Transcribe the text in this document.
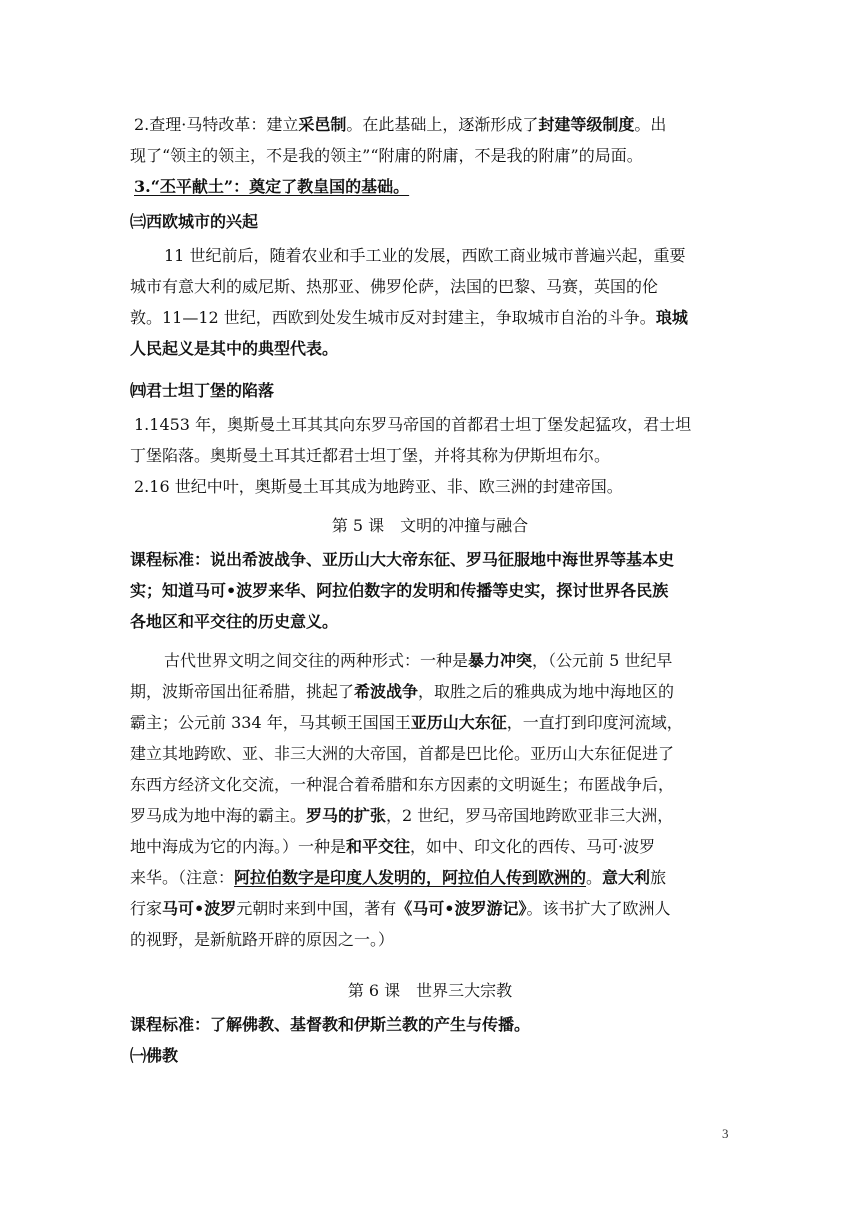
2.查理·马特改革：建立采邑制。在此基础上，逐渐形成了封建等级制度。出
现了“领主的领主，不是我的领主”“附庸的附庸，不是我的附庸”的局面。
3.“丕平献土”：奠定了教皇国的基础。
㈢西欧城市的兴起
11 世纪前后，随着农业和手工业的发展，西欧工商业城市普遍兴起，重要
城市有意大利的威尼斯、热那亚、佛罗伦萨，法国的巴黎、马赛，英国的伦
敦。11—12 世纪，西欧到处发生城市反对封建主，争取城市自治的斗争。琅城
人民起义是其中的典型代表。
㈣君士坦丁堡的陷落
1.1453 年，奥斯曼土耳其其向东罗马帝国的首都君士坦丁堡发起猛攻，君士坦
丁堡陷落。奥斯曼土耳其迁都君士坦丁堡，并将其称为伊斯坦布尔。
2.16 世纪中叶，奥斯曼土耳其成为地跨亚、非、欧三洲的封建帝国。
第 5 课　文明的冲撞与融合
课程标准：说出希波战争、亚历山大大帝东征、罗马征服地中海世界等基本史
实；知道马可•波罗来华、阿拉伯数字的发明和传播等史实，探讨世界各民族
各地区和平交往的历史意义。
古代世界文明之间交往的两种形式：一种是暴力冲突，（公元前 5 世纪早
期，波斯帝国出征希腊，挑起了希波战争，取胜之后的雅典成为地中海地区的
霸主；公元前 334 年，马其顿王国国王亚历山大东征，一直打到印度河流域，
建立其地跨欧、亚、非三大洲的大帝国，首都是巴比伦。亚历山大东征促进了
东西方经济文化交流，一种混合着希腊和东方因素的文明诞生；布匿战争后，
罗马成为地中海的霸主。罗马的扩张，2 世纪，罗马帝国地跨欧亚非三大洲，
地中海成为它的内海。）一种是和平交往，如中、印文化的西传、马可·波罗
来华。（注意：阿拉伯数字是印度人发明的，阿拉伯人传到欧洲的。意大利旅
行家马可•波罗元朝时来到中国，著有《马可•波罗游记》。该书扩大了欧洲人
的视野，是新航路开辟的原因之一。）
第 6 课　世界三大宗教
课程标准：了解佛教、基督教和伊斯兰教的产生与传播。
㈠佛教
3
